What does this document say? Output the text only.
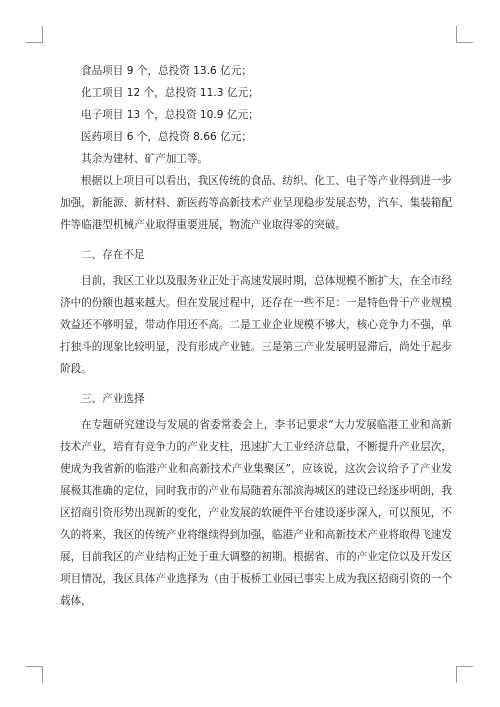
食品项目 9 个，总投资 13.6 亿元；

化工项目 12 个，总投资 11.3 亿元；

电子项目 13 个，总投资 10.9 亿元；

医药项目 6 个，总投资 8.66 亿元；

其余为建材、矿产加工等。

根据以上项目可以看出，我区传统的食品、纺织、化工、电子等产业得到进一步加强，新能源、新材料、新医药等高新技术产业呈现稳步发展态势，汽车、集装箱配件等临港型机械产业取得重要进展，物流产业取得零的突破。

二、存在不足

目前，我区工业以及服务业正处于高速发展时期，总体规模不断扩大，在全市经济中的份额也越来越大。但在发展过程中，还存在一些不足：一是特色骨干产业规模效益还不够明显，带动作用还不高。二是工业企业规模不够大，核心竞争力不强，单打独斗的现象比较明显，没有形成产业链。三是第三产业发展明显滞后，尚处于起步阶段。

三、产业选择

在专题研究建设与发展的省委常委会上，李书记要求“大力发展临港工业和高新技术产业，培育有竞争力的产业支柱，迅速扩大工业经济总量，不断提升产业层次，使成为我省新的临港产业和高新技术产业集聚区”，应该说，这次会议给予了产业发展极其准确的定位，同时我市的产业布局随着东部滨海城区的建设已经逐步明朗，我区招商引资形势出现新的变化，产业发展的软硬件平台建设逐步深入，可以预见，不久的将来，我区的传统产业将继续得到加强，临港产业和高新技术产业将取得飞速发展，目前我区的产业结构正处于重大调整的初期。根据省、市的产业定位以及开发区项目情况，我区具体产业选择为（由于板桥工业园已事实上成为我区招商引资的一个载体，
